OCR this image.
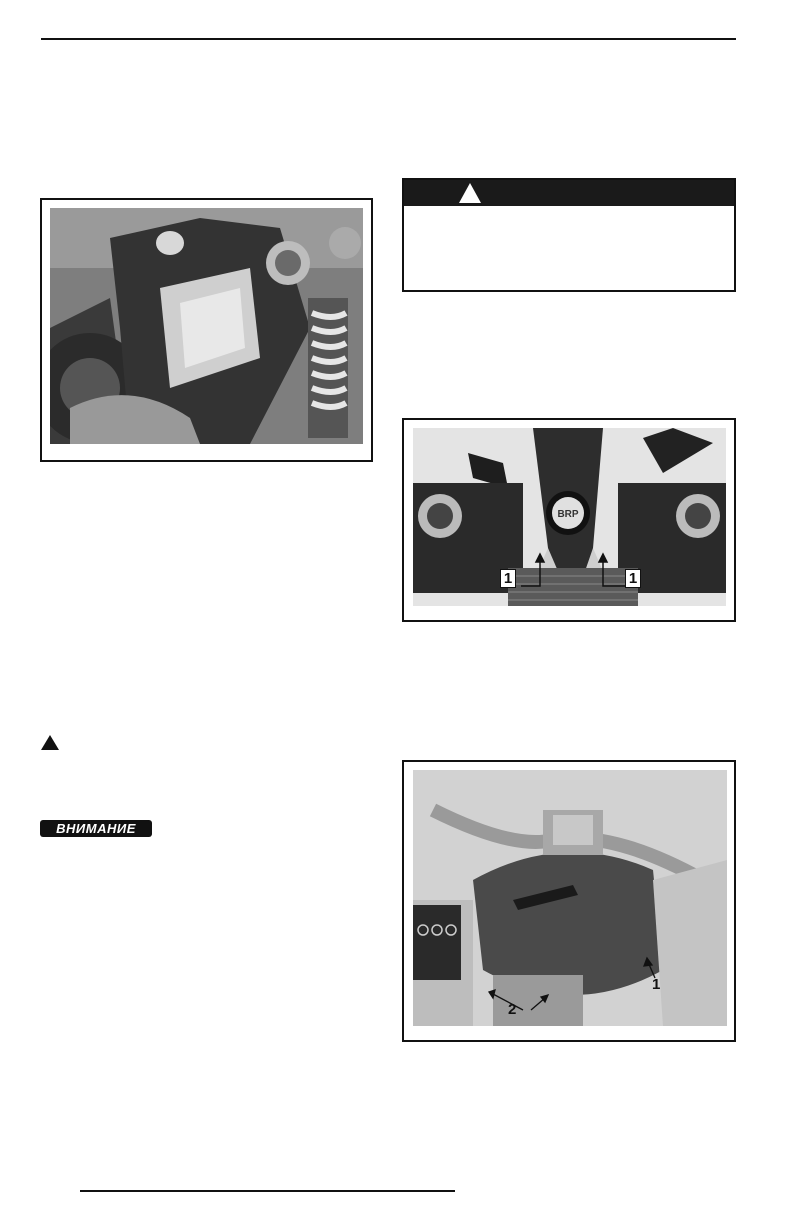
BRP
1	1
ВНИМАНИЕ
1
2
